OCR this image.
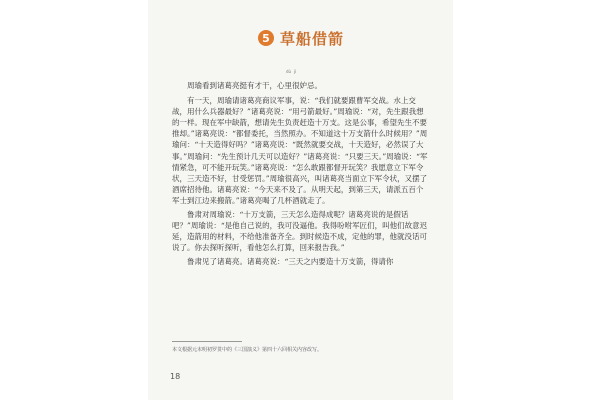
5 草船借箭

周瑜看到诸葛亮挺有才干，心里很妒忌。

有一天，周瑜请诸葛亮商议军事，说：“我们就要跟曹军交战。水上交战，用什么兵器最好？”诸葛亮说：“用弓箭最好。”周瑜说：“对，先生跟我想的一样。现在军中缺箭，想请先生负责赶造十万支。这是公事，希望先生不要推却。”诸葛亮说：“都督委托，当然照办。不知道这十万支箭什么时候用？”周瑜问：“十天造得好吗？”诸葛亮说：“既然就要交战，十天造好，必然误了大事。”周瑜问：“先生预计几天可以造好？”诸葛亮说：“只要三天。”周瑜说：“军情紧急，可不能开玩笑。”诸葛亮说：“怎么敢跟都督开玩笑？我愿意立下军令状，三天造不好，甘受惩罚。”周瑜很高兴，叫诸葛亮当面立下军令状，又摆了酒席招待他。诸葛亮说：“今天来不及了。从明天起，到第三天，请派五百个军士到江边来搬箭。”诸葛亮喝了几杯酒就走了。

鲁肃对周瑜说：“十万支箭，三天怎么造得成呢？诸葛亮说的是假话吧？”周瑜说：“是他自己说的，我可没逼他。我得吩咐军匠们，叫他们故意迟延，造箭用的材料，不给他准备齐全。到时候造不成，定他的罪，他就没话可说了。你去探听探听，看他怎么打算，回来报告我。”

鲁肃见了诸葛亮。诸葛亮说：“三天之内要造十万支箭，得请你

dù jì
本文根据元末明初罗贯中的《三国演义》第四十六回相关内容改写。
18
